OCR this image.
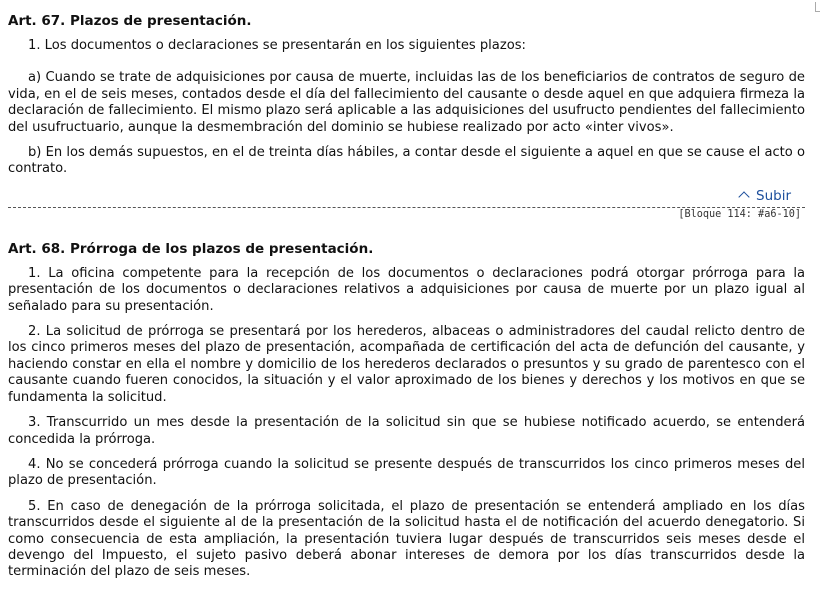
Art. 67. Plazos de presentación.

1. Los documentos o declaraciones se presentarán en los siguientes plazos:

a) Cuando se trate de adquisiciones por causa de muerte, incluidas las de los beneficiarios de contratos de seguro de vida, en el de seis meses, contados desde el día del fallecimiento del causante o desde aquel en que adquiera firmeza la declaración de fallecimiento. El mismo plazo será aplicable a las adquisiciones del usufructo pendientes del fallecimiento del usufructuario, aunque la desmembración del dominio se hubiese realizado por acto «inter vivos».

b) En los demás supuestos, en el de treinta días hábiles, a contar desde el siguiente a aquel en que se cause el acto o contrato.

Subir
[Bloque 114: #a6-10]
Art. 68. Prórroga de los plazos de presentación.

1. La oficina competente para la recepción de los documentos o declaraciones podrá otorgar prórroga para la presentación de los documentos o declaraciones relativos a adquisiciones por causa de muerte por un plazo igual al señalado para su presentación.

2. La solicitud de prórroga se presentará por los herederos, albaceas o administradores del caudal relicto dentro de los cinco primeros meses del plazo de presentación, acompañada de certificación del acta de defunción del causante, y haciendo constar en ella el nombre y domicilio de los herederos declarados o presuntos y su grado de parentesco con el causante cuando fueren conocidos, la situación y el valor aproximado de los bienes y derechos y los motivos en que se fundamenta la solicitud.

3. Transcurrido un mes desde la presentación de la solicitud sin que se hubiese notificado acuerdo, se entenderá concedida la prórroga.

4. No se concederá prórroga cuando la solicitud se presente después de transcurridos los cinco primeros meses del plazo de presentación.

5. En caso de denegación de la prórroga solicitada, el plazo de presentación se entenderá ampliado en los días transcurridos desde el siguiente al de la presentación de la solicitud hasta el de notificación del acuerdo denegatorio. Si como consecuencia de esta ampliación, la presentación tuviera lugar después de transcurridos seis meses desde el devengo del Impuesto, el sujeto pasivo deberá abonar intereses de demora por los días transcurridos desde la terminación del plazo de seis meses.
